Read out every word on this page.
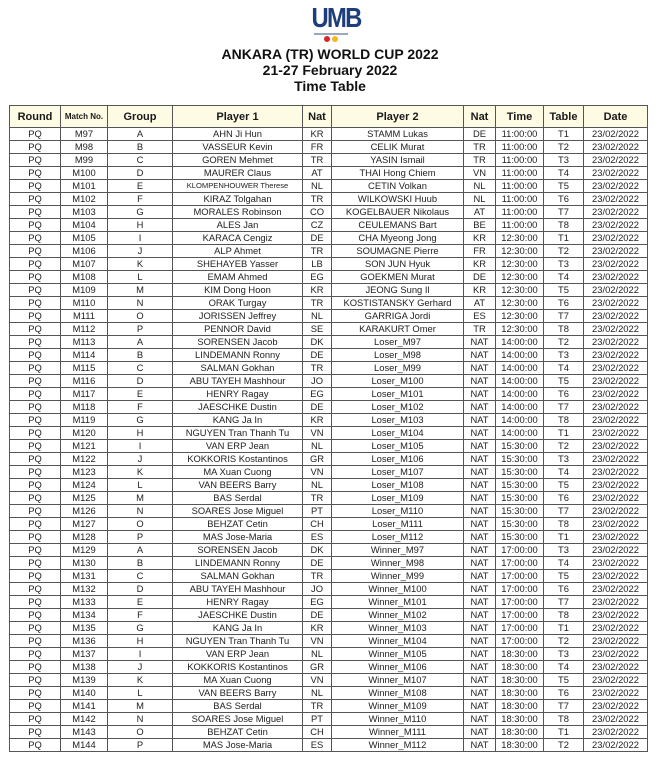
UMB
ANKARA (TR) WORLD CUP 2022
21-27 February 2022
Time Table
Round	Match No.	Group	Player 1	Nat	Player 2	Nat	Time	Table	Date
PQ	M97	A	AHN Ji Hun	KR	STAMM Lukas	DE	11:00:00	T1	23/02/2022
PQ	M98	B	VASSEUR Kevin	FR	CELIK Murat	TR	11:00:00	T2	23/02/2022
PQ	M99	C	GOREN Mehmet	TR	YASIN Ismail	TR	11:00:00	T3	23/02/2022
PQ	M100	D	MAURER Claus	AT	THAI Hong Chiem	VN	11:00:00	T4	23/02/2022
PQ	M101	E	KLOMPENHOUWER Therese	NL	CETIN Volkan	NL	11:00:00	T5	23/02/2022
PQ	M102	F	KIRAZ Tolgahan	TR	WILKOWSKI Huub	NL	11:00:00	T6	23/02/2022
PQ	M103	G	MORALES Robinson	CO	KOGELBAUER Nikolaus	AT	11:00:00	T7	23/02/2022
PQ	M104	H	ALES Jan	CZ	CEULEMANS Bart	BE	11:00:00	T8	23/02/2022
PQ	M105	I	KARACA Cengiz	DE	CHA Myeong Jong	KR	12:30:00	T1	23/02/2022
PQ	M106	J	ALP Ahmet	TR	SOUMAGNE Pierre	FR	12:30:00	T2	23/02/2022
PQ	M107	K	SHEHAYEB Yasser	LB	SON JUN Hyuk	KR	12:30:00	T3	23/02/2022
PQ	M108	L	EMAM Ahmed	EG	GOEKMEN Murat	DE	12:30:00	T4	23/02/2022
PQ	M109	M	KIM Dong Hoon	KR	JEONG Sung Il	KR	12:30:00	T5	23/02/2022
PQ	M110	N	ORAK Turgay	TR	KOSTISTANSKY Gerhard	AT	12:30:00	T6	23/02/2022
PQ	M111	O	JORISSEN Jeffrey	NL	GARRIGA Jordi	ES	12:30:00	T7	23/02/2022
PQ	M112	P	PENNOR David	SE	KARAKURT Omer	TR	12:30:00	T8	23/02/2022
PQ	M113	A	SORENSEN Jacob	DK	Loser_M97	NAT	14:00:00	T2	23/02/2022
PQ	M114	B	LINDEMANN Ronny	DE	Loser_M98	NAT	14:00:00	T3	23/02/2022
PQ	M115	C	SALMAN Gokhan	TR	Loser_M99	NAT	14:00:00	T4	23/02/2022
PQ	M116	D	ABU TAYEH Mashhour	JO	Loser_M100	NAT	14:00:00	T5	23/02/2022
PQ	M117	E	HENRY Ragay	EG	Loser_M101	NAT	14:00:00	T6	23/02/2022
PQ	M118	F	JAESCHKE Dustin	DE	Loser_M102	NAT	14:00:00	T7	23/02/2022
PQ	M119	G	KANG Ja In	KR	Loser_M103	NAT	14:00:00	T8	23/02/2022
PQ	M120	H	NGUYEN Tran Thanh Tu	VN	Loser_M104	NAT	14:00:00	T1	23/02/2022
PQ	M121	I	VAN ERP Jean	NL	Loser_M105	NAT	15:30:00	T2	23/02/2022
PQ	M122	J	KOKKORIS Kostantinos	GR	Loser_M106	NAT	15:30:00	T3	23/02/2022
PQ	M123	K	MA Xuan Cuong	VN	Loser_M107	NAT	15:30:00	T4	23/02/2022
PQ	M124	L	VAN BEERS Barry	NL	Loser_M108	NAT	15:30:00	T5	23/02/2022
PQ	M125	M	BAS Serdal	TR	Loser_M109	NAT	15:30:00	T6	23/02/2022
PQ	M126	N	SOARES Jose Miguel	PT	Loser_M110	NAT	15:30:00	T7	23/02/2022
PQ	M127	O	BEHZAT Cetin	CH	Loser_M111	NAT	15:30:00	T8	23/02/2022
PQ	M128	P	MAS Jose-Maria	ES	Loser_M112	NAT	15:30:00	T1	23/02/2022
PQ	M129	A	SORENSEN Jacob	DK	Winner_M97	NAT	17:00:00	T3	23/02/2022
PQ	M130	B	LINDEMANN Ronny	DE	Winner_M98	NAT	17:00:00	T4	23/02/2022
PQ	M131	C	SALMAN Gokhan	TR	Winner_M99	NAT	17:00:00	T5	23/02/2022
PQ	M132	D	ABU TAYEH Mashhour	JO	Winner_M100	NAT	17:00:00	T6	23/02/2022
PQ	M133	E	HENRY Ragay	EG	Winner_M101	NAT	17:00:00	T7	23/02/2022
PQ	M134	F	JAESCHKE Dustin	DE	Winner_M102	NAT	17:00:00	T8	23/02/2022
PQ	M135	G	KANG Ja In	KR	Winner_M103	NAT	17:00:00	T1	23/02/2022
PQ	M136	H	NGUYEN Tran Thanh Tu	VN	Winner_M104	NAT	17:00:00	T2	23/02/2022
PQ	M137	I	VAN ERP Jean	NL	Winner_M105	NAT	18:30:00	T3	23/02/2022
PQ	M138	J	KOKKORIS Kostantinos	GR	Winner_M106	NAT	18:30:00	T4	23/02/2022
PQ	M139	K	MA Xuan Cuong	VN	Winner_M107	NAT	18:30:00	T5	23/02/2022
PQ	M140	L	VAN BEERS Barry	NL	Winner_M108	NAT	18:30:00	T6	23/02/2022
PQ	M141	M	BAS Serdal	TR	Winner_M109	NAT	18:30:00	T7	23/02/2022
PQ	M142	N	SOARES Jose Miguel	PT	Winner_M110	NAT	18:30:00	T8	23/02/2022
PQ	M143	O	BEHZAT Cetin	CH	Winner_M111	NAT	18:30:00	T1	23/02/2022
PQ	M144	P	MAS Jose-Maria	ES	Winner_M112	NAT	18:30:00	T2	23/02/2022
